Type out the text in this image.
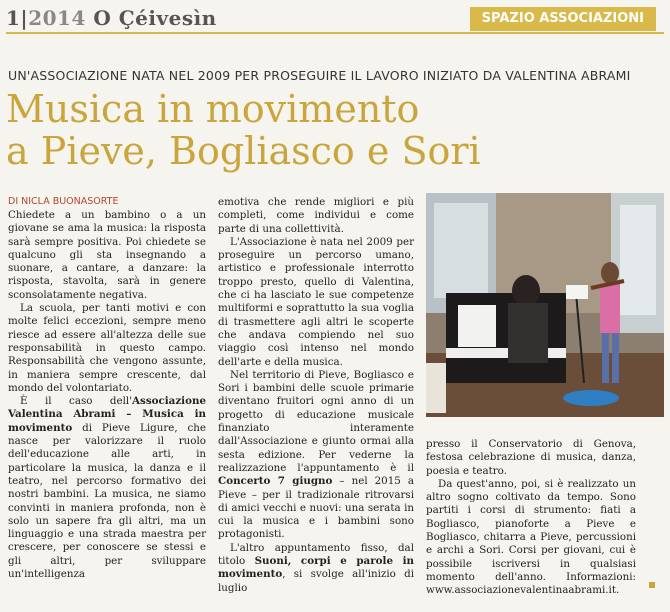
1|2014 O Çéivesìn	SPAZIO ASSOCIAZIONI
UN'ASSOCIAZIONE NATA NEL 2009 PER PROSEGUIRE IL LAVORO INIZIATO DA VALENTINA ABRAMI
Musica in movimento
a Pieve, Bogliasco e Sori
DI NICLA BUONASORTE

Chiedete a un bambino o a un giovane se ama la musica: la risposta sarà sempre positiva. Poi chiedete se qualcuno gli sta insegnando a suonare, a cantare, a danzare: la risposta, stavolta, sarà in genere sconsolatamente negativa.

La scuola, per tanti motivi e con molte felici eccezioni, sempre meno riesce ad essere all'altezza delle sue responsabilità in questo campo. Responsabilità che vengono assunte, in maniera sempre crescente, dal mondo del volontariato.

È il caso dell'Associazione Valentina Abrami – Musica in movimento di Pieve Ligure, che nasce per valorizzare il ruolo dell'educazione alle arti, in particolare la musica, la danza e il teatro, nel percorso formativo dei nostri bambini. La musica, ne siamo convinti in maniera profonda, non è solo un sapere fra gli altri, ma un linguaggio e una strada maestra per crescere, per conoscere se stessi e gli altri, per sviluppare un'intelligenza

emotiva che rende migliori e più completi, come individui e come parte di una collettività.

L'Associazione è nata nel 2009 per proseguire un percorso umano, artistico e professionale interrotto troppo presto, quello di Valentina, che ci ha lasciato le sue competenze multiformi e soprattutto la sua voglia di trasmettere agli altri le scoperte che andava compiendo nel suo viaggio così intenso nel mondo dell'arte e della musica.

Nel territorio di Pieve, Bogliasco e Sori i bambini delle scuole primarie diventano fruitori ogni anno di un progetto di educazione musicale finanziato interamente dall'Associazione e giunto ormai alla sesta edizione. Per vederne la realizzazione l'appuntamento è il Concerto 7 giugno – nel 2015 a Pieve – per il tradizionale ritrovarsi di amici vecchi e nuovi: una serata in cui la musica e i bambini sono protagonisti.

L'altro appuntamento fisso, dal titolo Suoni, corpi e parole in movimento, si svolge all'inizio di luglio

presso il Conservatorio di Genova, festosa celebrazione di musica, danza, poesia e teatro.

Da quest'anno, poi, si è realizzato un altro sogno coltivato da tempo. Sono partiti i corsi di strumento: fiati a Bogliasco, pianoforte a Pieve e Bogliasco, chitarra a Pieve, percussioni e archi a Sori. Corsi per giovani, cui è possibile iscriversi in qualsiasi momento dell'anno. Informazioni: www.associazionevalentinaabrami.it.
